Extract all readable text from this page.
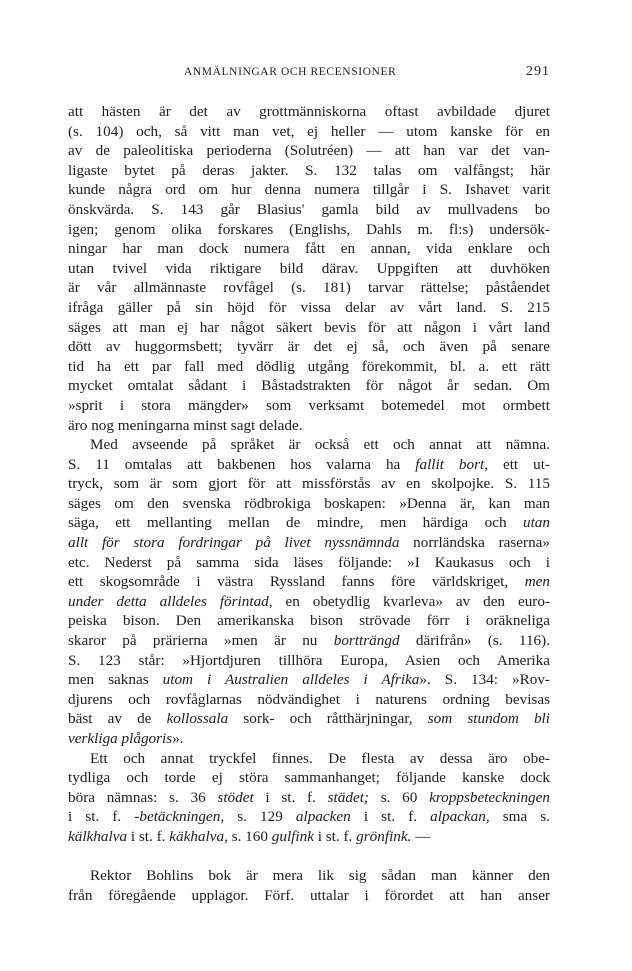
ANMÄLNINGAR OCH RECENSIONER	291
att hästen är det av grottmänniskorna oftast avbildade djuret
(s. 104) och, så vitt man vet, ej heller — utom kanske för en
av de paleolitiska perioderna (Solutréen) — att han var det van-
ligaste bytet på deras jakter. S. 132 talas om valfångst; här
kunde några ord om hur denna numera tillgår i S. Ishavet varit
önskvärda. S. 143 går Blasius' gamla bild av mullvadens bo
igen; genom olika forskares (Englishs, Dahls m. fl:s) undersök-
ningar har man dock numera fått en annan, vida enklare och
utan tvivel vida riktigare bild därav. Uppgiften att duvhöken
är vår allmännaste rovfågel (s. 181) tarvar rättelse; påståendet
ifråga gäller på sin höjd för vissa delar av vårt land. S. 215
säges att man ej har något säkert bevis för att någon i vårt land
dött av huggormsbett; tyvärr är det ej så, och även på senare
tid ha ett par fall med dödlig utgång förekommit, bl. a. ett rätt
mycket omtalat sådant i Båstadstrakten för något år sedan. Om
»sprit i stora mängder» som verksamt botemedel mot ormbett
äro nog meningarna minst sagt delade.
Med avseende på språket är också ett och annat att nämna.
S. 11 omtalas att bakbenen hos valarna ha fallit bort, ett ut-
tryck, som är som gjort för att missförstås av en skolpojke. S. 115
säges om den svenska rödbrokiga boskapen: »Denna är, kan man
säga, ett mellanting mellan de mindre, men härdiga och utan
allt för stora fordringar på livet nyssnämnda norrländska raserna»
etc. Nederst på samma sida läses följande: »I Kaukasus och i
ett skogsområde i västra Ryssland fanns före världskriget, men
under detta alldeles förintad, en obetydlig kvarleva» av den euro-
peiska bison. Den amerikanska bison strövade förr i oräkneliga
skaror på prärierna »men är nu bortträngd därifrån» (s. 116).
S. 123 står: »Hjortdjuren tillhöra Europa, Asien och Amerika
men saknas utom i Australien alldeles i Afrika». S. 134: »Rov-
djurens och rovfåglarnas nödvändighet i naturens ordning bevisas
bäst av de kollossala sork- och råtthärjningar, som stundom bli
verkliga plågoris».
Ett och annat tryckfel finnes. De flesta av dessa äro obe-
tydliga och torde ej störa sammanhanget; följande kanske dock
böra nämnas: s. 36 stödet i st. f. städet; s. 60 kroppsbeteckningen
i st. f. -betäckningen, s. 129 alpacken i st. f. alpackan, sma s.
kälkhalva i st. f. käkhalva, s. 160 gulfink i st. f. grönfink. —
Rektor Bohlins bok är mera lik sig sådan man känner den
från föregående upplagor. Förf. uttalar i förordet att han anser
